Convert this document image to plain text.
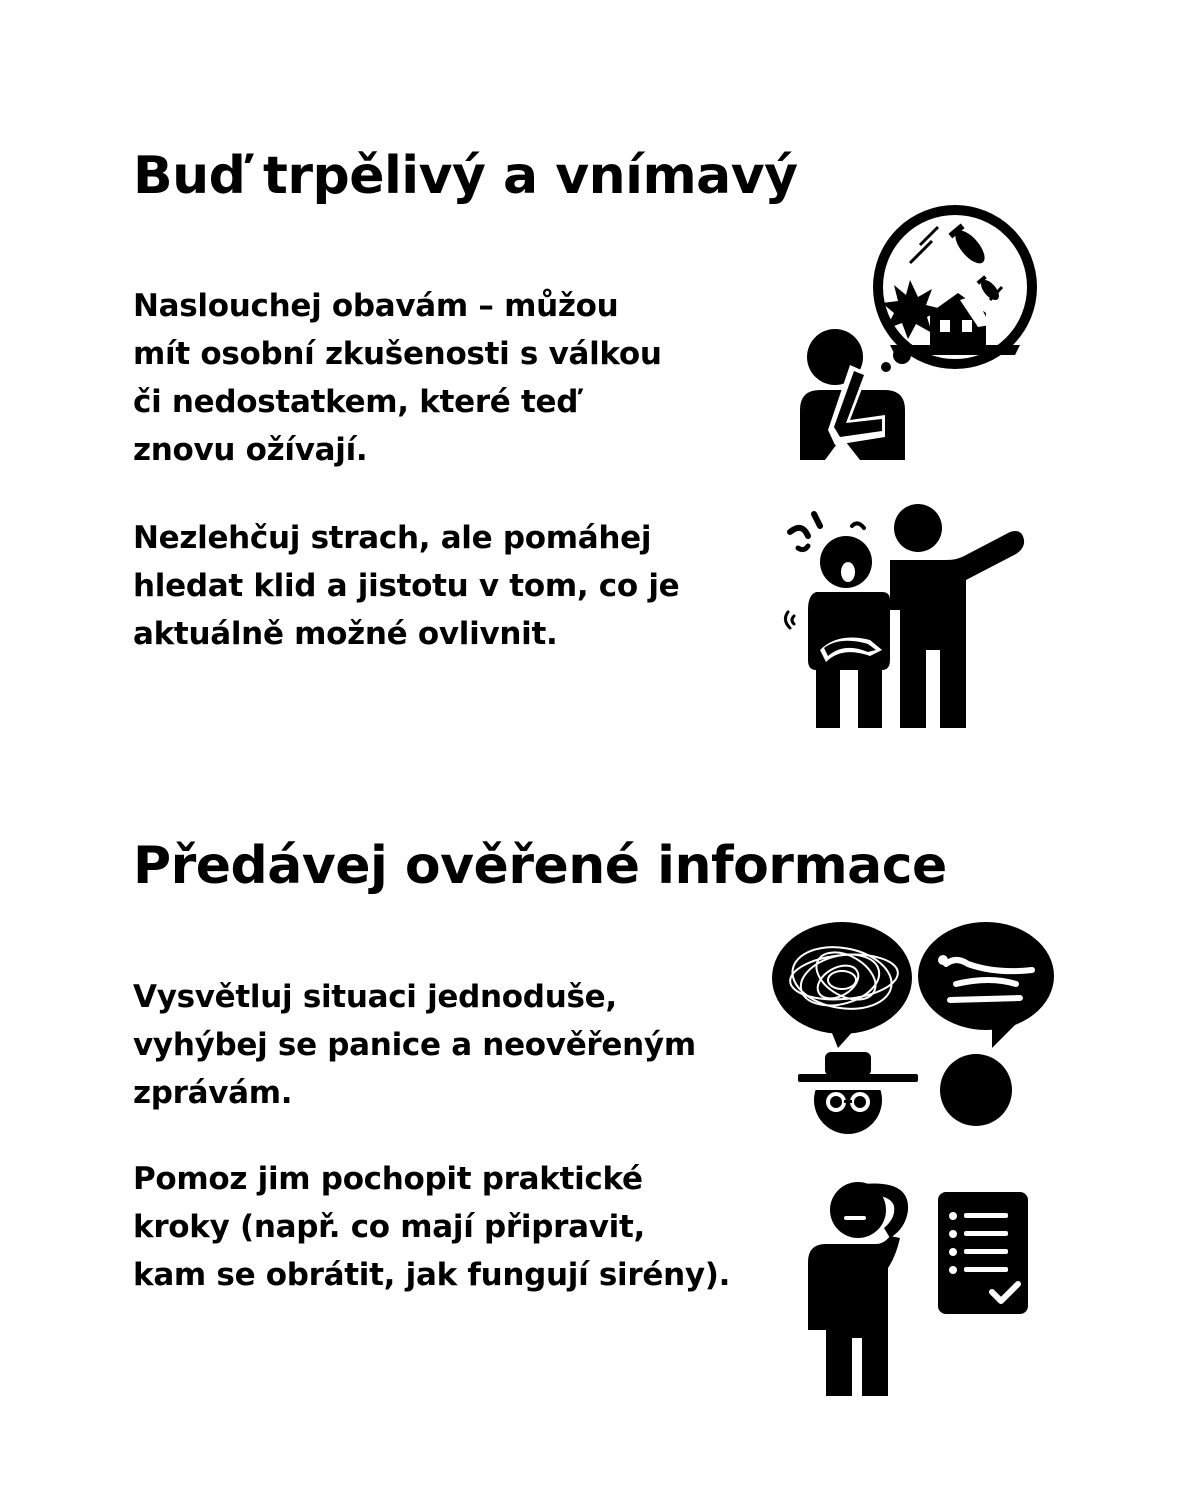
Buď trpělivý a vnímavý

Naslouchej obavám – můžou
mít osobní zkušenosti s válkou
či nedostatkem, které teď
znovu ožívají.

Nezlehčuj strach, ale pomáhej
hledat klid a jistotu v tom, co je
aktuálně možné ovlivnit.

Předávej ověřené informace

Vysvětluj situaci jednoduše,
vyhýbej se panice a neověřeným
zprávám.

Pomoz jim pochopit praktické
kroky (např. co mají připravit,
kam se obrátit, jak fungují sirény).
